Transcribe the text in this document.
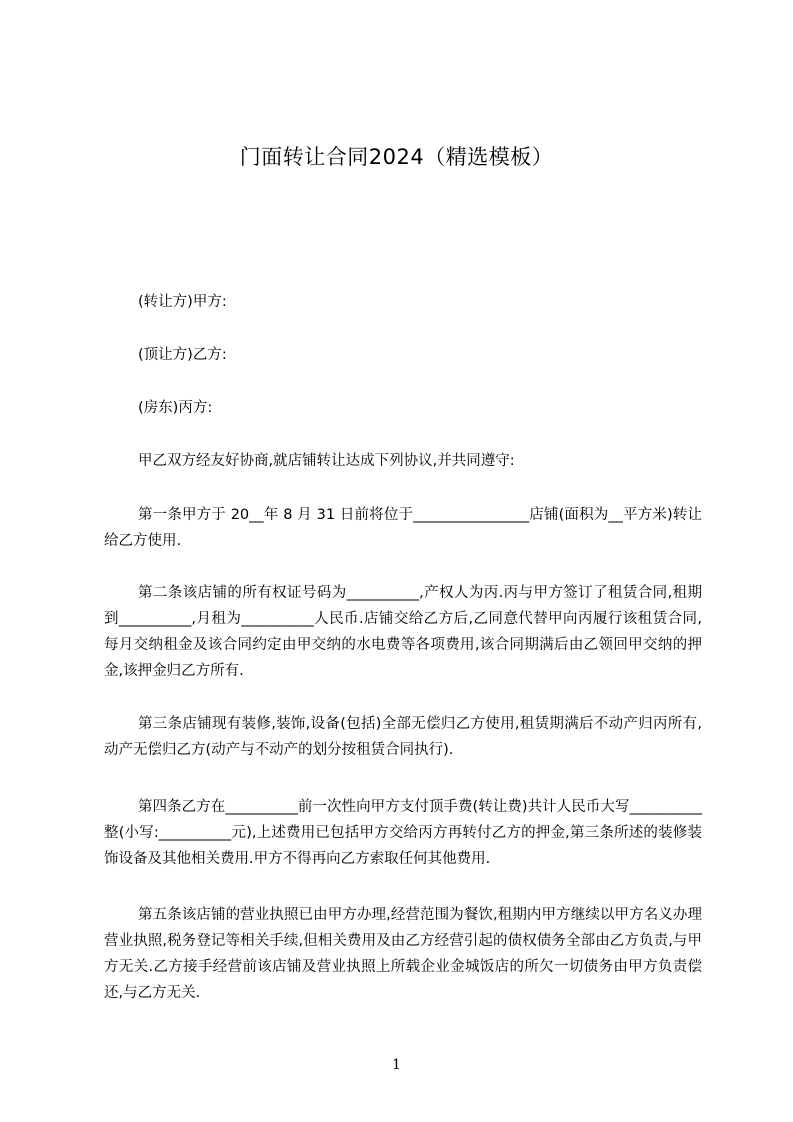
门面转让合同2024（精选模板）
(转让方)甲方:
(顶让方)乙方:
(房东)丙方:
甲乙双方经友好协商,就店铺转让达成下列协议,并共同遵守:

第一条甲方于 20__年 8 月 31 日前将位于________________店铺(面积为__平方米)转让给乙方使用.

第二条该店铺的所有权证号码为__________,产权人为丙.丙与甲方签订了租赁合同,租期到__________,月租为__________人民币.店铺交给乙方后,乙同意代替甲向丙履行该租赁合同,每月交纳租金及该合同约定由甲交纳的水电费等各项费用,该合同期满后由乙领回甲交纳的押金,该押金归乙方所有.

第三条店铺现有装修,装饰,设备(包括)全部无偿归乙方使用,租赁期满后不动产归丙所有,动产无偿归乙方(动产与不动产的划分按租赁合同执行).

第四条乙方在__________前一次性向甲方支付顶手费(转让费)共计人民币大写__________整(小写:__________元),上述费用已包括甲方交给丙方再转付乙方的押金,第三条所述的装修装饰设备及其他相关费用.甲方不得再向乙方索取任何其他费用.

第五条该店铺的营业执照已由甲方办理,经营范围为餐饮,租期内甲方继续以甲方名义办理营业执照,税务登记等相关手续,但相关费用及由乙方经营引起的债权债务全部由乙方负责,与甲方无关.乙方接手经营前该店铺及营业执照上所载企业金城饭店的所欠一切债务由甲方负责偿还,与乙方无关.

1
